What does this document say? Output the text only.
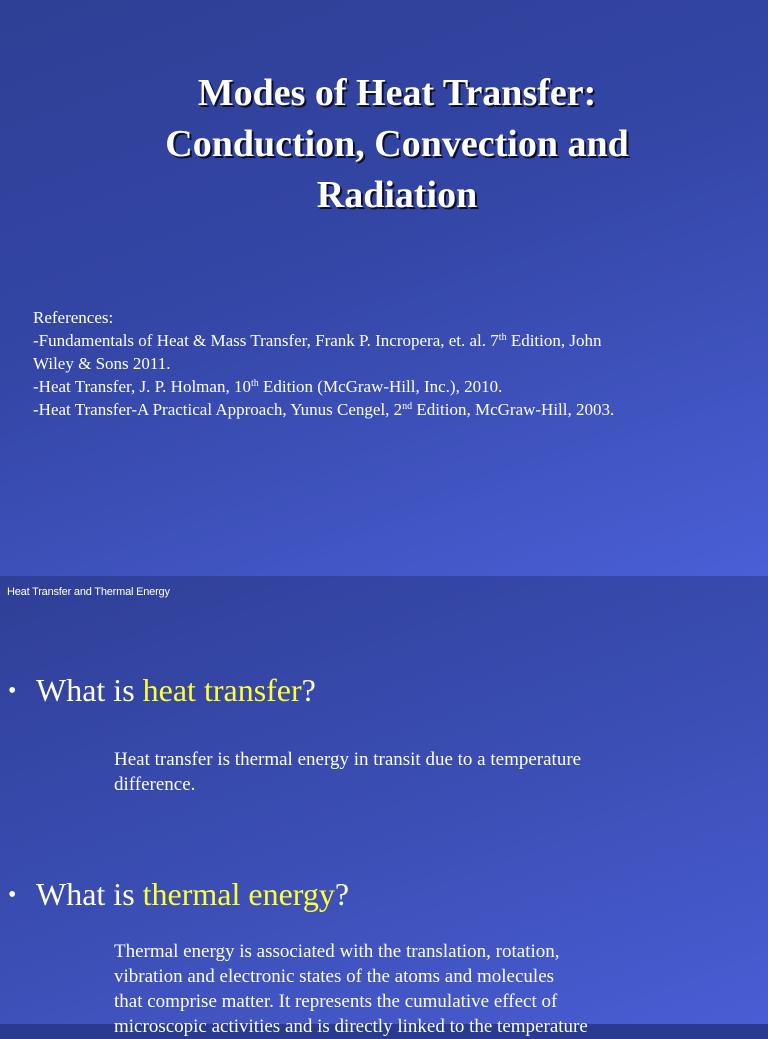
Modes of Heat Transfer:
Conduction, Convection and
Radiation
References:
-Fundamentals of Heat & Mass Transfer, Frank P. Incropera, et. al. 7th Edition, John
Wiley & Sons 2011.
-Heat Transfer, J. P. Holman, 10th Edition (McGraw-Hill, Inc.), 2010.
-Heat Transfer-A Practical Approach, Yunus Cengel, 2nd Edition, McGraw-Hill, 2003.
Heat Transfer and Thermal Energy
• What is heat transfer?
Heat transfer is thermal energy in transit due to a temperature
difference.
• What is thermal energy?
Thermal energy is associated with the translation, rotation,
vibration and electronic states of the atoms and molecules
that comprise matter. It represents the cumulative effect of
microscopic activities and is directly linked to the temperature
